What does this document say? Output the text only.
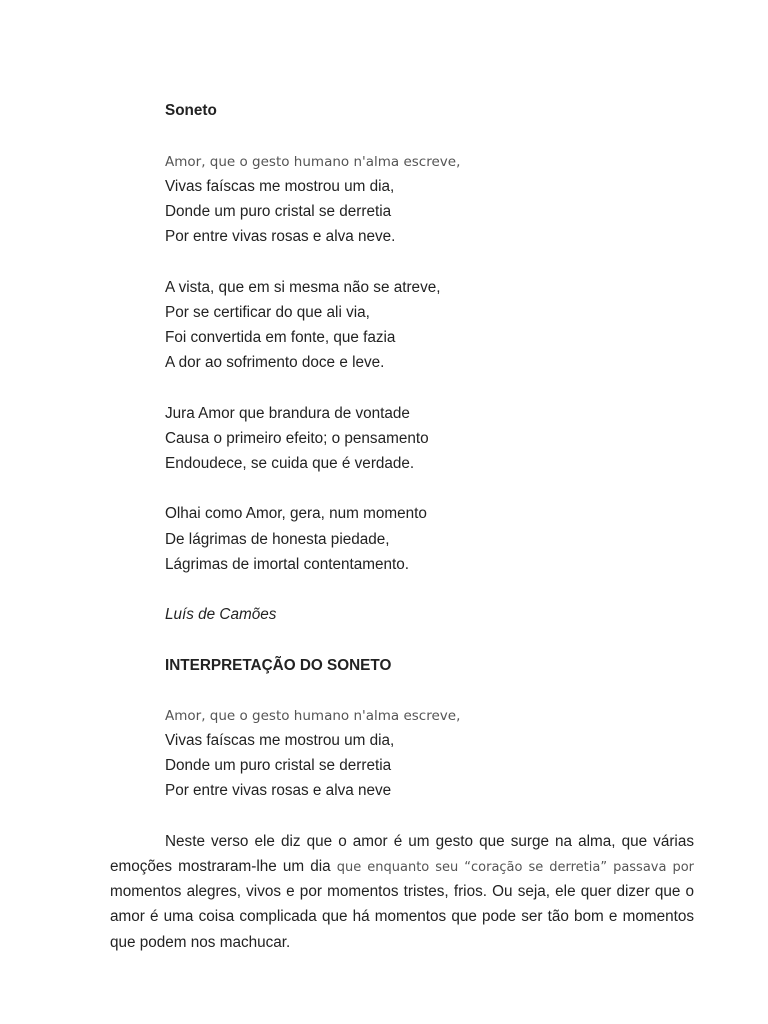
Soneto
Amor, que o gesto humano n'alma escreve,
Vivas faíscas me mostrou um dia,
Donde um puro cristal se derretia
Por entre vivas rosas e alva neve.
A vista, que em si mesma não se atreve,
Por se certificar do que ali via,
Foi convertida em fonte, que fazia
A dor ao sofrimento doce e leve.
Jura Amor que brandura de vontade
Causa o primeiro efeito; o pensamento
Endoudece, se cuida que é verdade.
Olhai como Amor, gera, num momento
De lágrimas de honesta piedade,
Lágrimas de imortal contentamento.
Luís de Camões
INTERPRETAÇÃO DO SONETO
Amor, que o gesto humano n'alma escreve,
Vivas faíscas me mostrou um dia,
Donde um puro cristal se derretia
Por entre vivas rosas e alva neve
Neste verso ele diz que o amor é um gesto que surge na alma, que várias
emoções mostraram-lhe um dia que enquanto seu “coração se derretia” passava por
momentos alegres, vivos e por momentos tristes, frios. Ou seja, ele quer dizer que o
amor é uma coisa complicada que há momentos que pode ser tão bom e momentos
que podem nos machucar.
